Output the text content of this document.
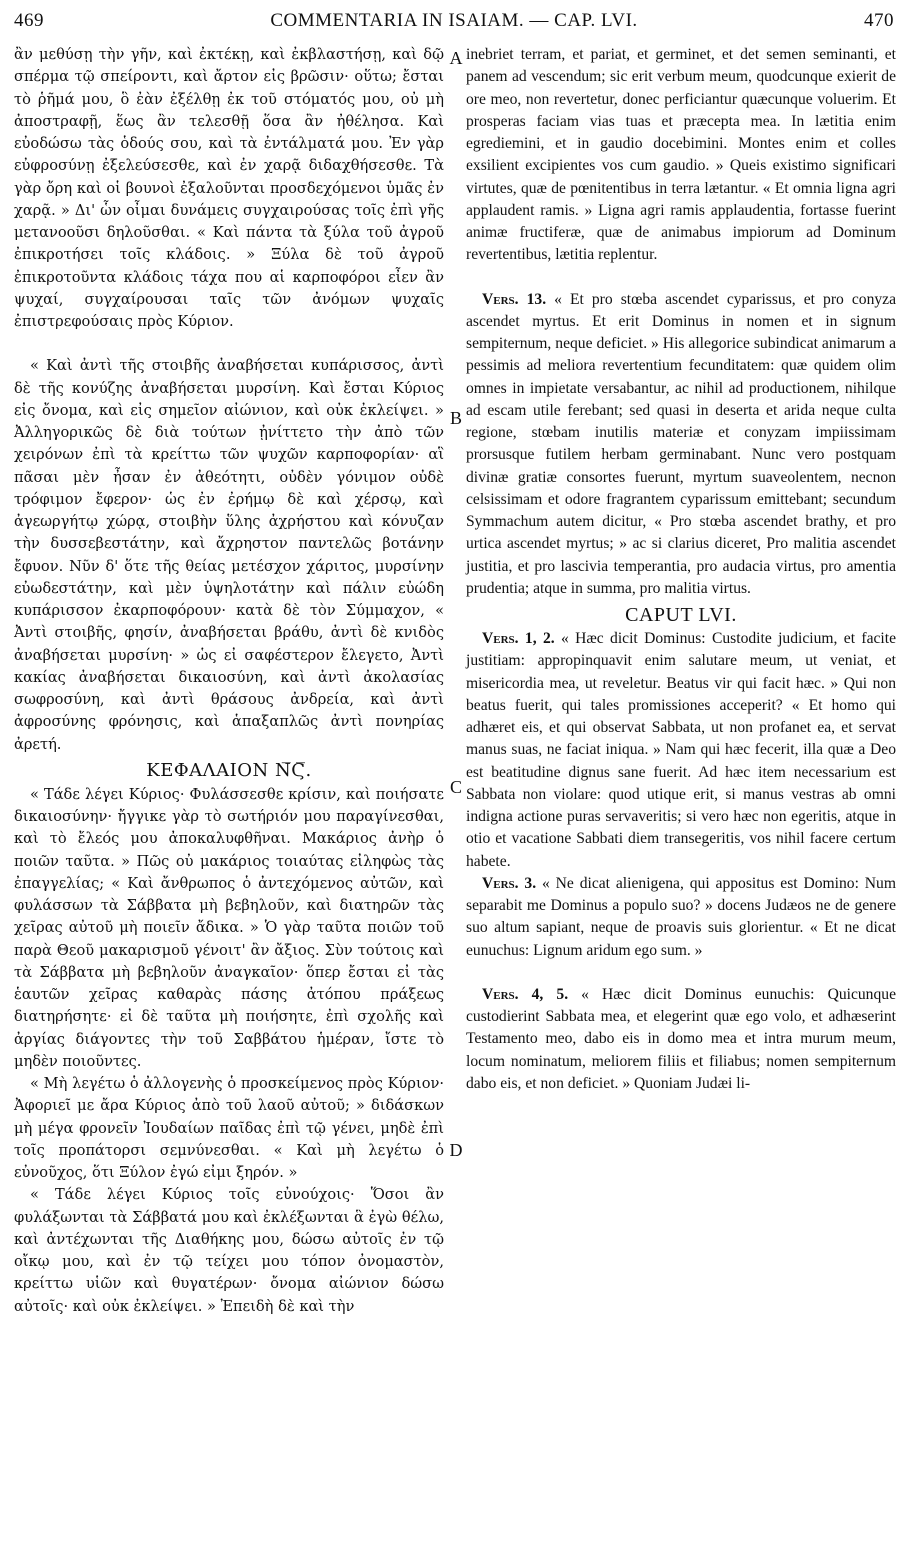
469	COMMENTARIA IN ISAIAM. — CAP. LVI.	470

ἂν μεθύσῃ τὴν γῆν, καὶ ἐκτέκῃ, καὶ ἐκβλαστήσῃ, καὶ δῷ σπέρμα τῷ σπείροντι, καὶ ἄρτον εἰς βρῶσιν· οὕτω; ἔσται τὸ ῥῆμά μου, ὃ ἐὰν ἐξέλθῃ ἐκ τοῦ στόματός μου, οὐ μὴ ἀποστραφῇ, ἕως ἂν τελεσθῇ ὅσα ἂν ἠθέλησα. Καὶ εὐοδώσω τὰς ὁδούς σου, καὶ τὰ ἐντάλματά μου. Ἐν γὰρ εὐφροσύνῃ ἐξελεύσεσθε, καὶ ἐν χαρᾷ διδαχθήσεσθε. Τὰ γὰρ ὄρη καὶ οἱ βουνοὶ ἐξαλοῦνται προσδεχόμενοι ὑμᾶς ἐν χαρᾷ. » Δι' ὧν οἶμαι δυνάμεις συγχαιρούσας τοῖς ἐπὶ γῆς μετανοοῦσι δηλοῦσθαι. « Καὶ πάντα τὰ ξύλα τοῦ ἀγροῦ ἐπικροτήσει τοῖς κλάδοις. » Ξύλα δὲ τοῦ ἀγροῦ ἐπικροτοῦντα κλάδοις τάχα που αἱ καρποφόροι εἶεν ἂν ψυχαί, συγχαίρουσαι ταῖς τῶν ἀνόμων ψυχαῖς ἐπιστρεφούσαις πρὸς Κύριον.

« Καὶ ἀντὶ τῆς στοιβῆς ἀναβήσεται κυπάρισσος, ἀντὶ δὲ τῆς κονύζης ἀναβήσεται μυρσίνη. Καὶ ἔσται Κύριος εἰς ὄνομα, καὶ εἰς σημεῖον αἰώνιον, καὶ οὐκ ἐκλείψει. » Ἀλληγορικῶς δὲ διὰ τούτων ᾐνίττετο τὴν ἀπὸ τῶν χειρόνων ἐπὶ τὰ κρείττω τῶν ψυχῶν καρποφορίαν· αἳ πᾶσαι μὲν ἦσαν ἐν ἀθεότητι, οὐδὲν γόνιμον οὐδὲ τρόφιμον ἔφερον· ὡς ἐν ἐρήμῳ δὲ καὶ χέρσῳ, καὶ ἀγεωργήτῳ χώρᾳ, στοιβὴν ὕλης ἀχρήστου καὶ κόνυζαν τὴν δυσσεβεστάτην, καὶ ἄχρηστον παντελῶς βοτάνην ἔφυον. Νῦν δ' ὅτε τῆς θείας μετέσχον χάριτος, μυρσίνην εὐωδεστάτην, καὶ μὲν ὑψηλοτάτην καὶ πάλιν εὐώδη κυπάρισσον ἐκαρποφόρουν· κατὰ δὲ τὸν Σύμμαχον, « Ἀντὶ στοιβῆς, φησίν, ἀναβήσεται βράθυ, ἀντὶ δὲ κνιδὸς ἀναβήσεται μυρσίνη· » ὡς εἰ σαφέστερον ἔλεγετο, Ἀντὶ κακίας ἀναβήσεται δικαιοσύνη, καὶ ἀντὶ ἀκολασίας σωφροσύνη, καὶ ἀντὶ θράσους ἀνδρεία, καὶ ἀντὶ ἀφροσύνης φρόνησις, καὶ ἁπαξαπλῶς ἀντὶ πονηρίας ἀρετή.

ΚΕΦΑΛΑΙΟΝ Ν̅Ϛ̅.

« Τάδε λέγει Κύριος· Φυλάσσεσθε κρίσιν, καὶ ποιήσατε δικαιοσύνην· ἤγγικε γὰρ τὸ σωτήριόν μου παραγίνεσθαι, καὶ τὸ ἔλεός μου ἀποκαλυφθῆναι. Μακάριος ἀνὴρ ὁ ποιῶν ταῦτα. » Πῶς οὐ μακάριος τοιαύτας εἰληφὼς τὰς ἐπαγγελίας; « Καὶ ἄνθρωπος ὁ ἀντεχόμενος αὐτῶν, καὶ φυλάσσων τὰ Σάββατα μὴ βεβηλοῦν, καὶ διατηρῶν τὰς χεῖρας αὐτοῦ μὴ ποιεῖν ἄδικα. » Ὁ γὰρ ταῦτα ποιῶν τοῦ παρὰ Θεοῦ μακαρισμοῦ γένοιτ' ἂν ἄξιος. Σὺν τούτοις καὶ τὰ Σάββατα μὴ βεβηλοῦν ἀναγκαῖον· ὅπερ ἔσται εἰ τὰς ἑαυτῶν χεῖρας καθαρὰς πάσης ἀτόπου πράξεως διατηρήσητε· εἰ δὲ ταῦτα μὴ ποιήσητε, ἐπὶ σχολῆς καὶ ἀργίας διάγοντες τὴν τοῦ Σαββάτου ἡμέραν, ἴστε τὸ μηδὲν ποιοῦντες.

« Μὴ λεγέτω ὁ ἀλλογενὴς ὁ προσκείμενος πρὸς Κύριον· Ἀφοριεῖ με ἄρα Κύριος ἀπὸ τοῦ λαοῦ αὐτοῦ; » διδάσκων μὴ μέγα φρονεῖν Ἰουδαίων παῖδας ἐπὶ τῷ γένει, μηδὲ ἐπὶ τοῖς προπάτορσι σεμνύνεσθαι. « Καὶ μὴ λεγέτω ὁ εὐνοῦχος, ὅτι Ξύλον ἐγώ εἰμι ξηρόν. »

« Τάδε λέγει Κύριος τοῖς εὐνούχοις· Ὅσοι ἂν φυλάξωνται τὰ Σάββατά μου καὶ ἐκλέξωνται ἃ ἐγὼ θέλω, καὶ ἀντέχωνται τῆς Διαθήκης μου, δώσω αὐτοῖς ἐν τῷ οἴκῳ μου, καὶ ἐν τῷ τείχει μου τόπον ὀνομαστὸν, κρείττω υἱῶν καὶ θυγατέρων· ὄνομα αἰώνιον δώσω αὐτοῖς· καὶ οὐκ ἐκλείψει. » Ἐπειδὴ δὲ καὶ τὴν

A
B
C
D

inebriet terram, et pariat, et germinet, et det semen seminanti, et panem ad vescendum; sic erit verbum meum, quodcunque exierit de ore meo, non revertetur, donec perficiantur quæcunque voluerim. Et prosperas faciam vias tuas et præcepta mea. In lætitia enim egrediemini, et in gaudio docebimini. Montes enim et colles exsilient excipientes vos cum gaudio. » Queis existimo significari virtutes, quæ de pœnitentibus in terra lætantur. « Et omnia ligna agri applaudent ramis. » Ligna agri ramis applaudentia, fortasse fuerint animæ fructiferæ, quæ de animabus impiorum ad Dominum revertentibus, lætitia replentur.

Vers. 13. « Et pro stœba ascendet cyparissus, et pro conyza ascendet myrtus. Et erit Dominus in nomen et in signum sempiternum, neque deficiet. » His allegorice subindicat animarum a pessimis ad meliora revertentium fecunditatem: quæ quidem olim omnes in impietate versabantur, ac nihil ad productionem, nihilque ad escam utile ferebant; sed quasi in deserta et arida neque culta regione, stœbam inutilis materiæ et conyzam impiissimam prorsusque futilem herbam germinabant. Nunc vero postquam divinæ gratiæ consortes fuerunt, myrtum suaveolentem, necnon celsissimam et odore fragrantem cyparissum emittebant; secundum Symmachum autem dicitur, « Pro stœba ascendet brathy, et pro urtica ascendet myrtus; » ac si clarius diceret, Pro malitia ascendet justitia, et pro lascivia temperantia, pro audacia virtus, pro amentia prudentia; atque in summa, pro malitia virtus.

CAPUT LVI.

Vers. 1, 2. « Hæc dicit Dominus: Custodite judicium, et facite justitiam: appropinquavit enim salutare meum, ut veniat, et misericordia mea, ut reveletur. Beatus vir qui facit hæc. » Qui non beatus fuerit, qui tales promissiones acceperit? « Et homo qui adhæret eis, et qui observat Sabbata, ut non profanet ea, et servat manus suas, ne faciat iniqua. » Nam qui hæc fecerit, illa quæ a Deo est beatitudine dignus sane fuerit. Ad hæc item necessarium est Sabbata non violare: quod utique erit, si manus vestras ab omni indigna actione puras servaveritis; si vero hæc non egeritis, atque in otio et vacatione Sabbati diem transegeritis, vos nihil facere certum habete.

Vers. 3. « Ne dicat alienigena, qui appositus est Domino: Num separabit me Dominus a populo suo? » docens Judæos ne de genere suo altum sapiant, neque de proavis suis glorientur. « Et ne dicat eunuchus: Lignum aridum ego sum. »

Vers. 4, 5. « Hæc dicit Dominus eunuchis: Quicunque custodierint Sabbata mea, et elegerint quæ ego volo, et adhæserint Testamento meo, dabo eis in domo mea et intra murum meum, locum nominatum, meliorem filiis et filiabus; nomen sempiternum dabo eis, et non deficiet. » Quoniam Judæi li-
